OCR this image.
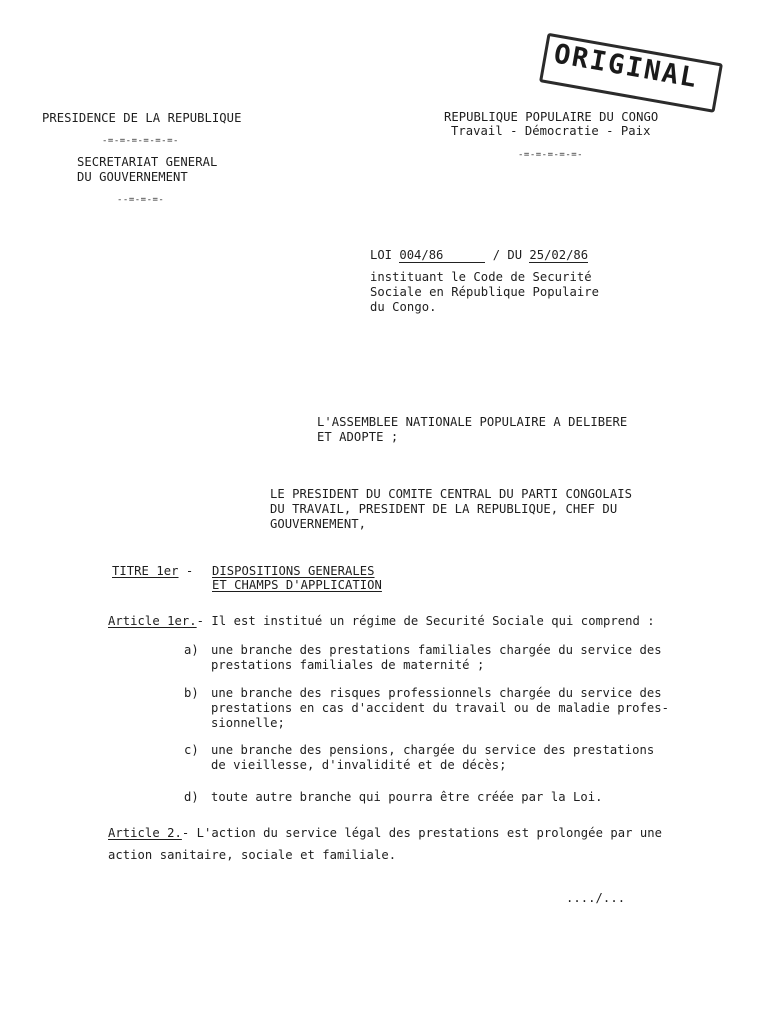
PRESIDENCE DE LA REPUBLIQUE
-=-=-=-=-=-=-
SECRETARIAT GENERAL
DU GOUVERNEMENT
--=-=-=-
REPUBLIQUE POPULAIRE DU CONGO
Travail - Démocratie - Paix
-=-=-=-=-=-
ORIGINAL
LOI 004/86	/ DU 25/02/86
instituant le Code de Securité
Sociale en République Populaire
du Congo.
L'ASSEMBLEE NATIONALE POPULAIRE A DELIBERE
ET ADOPTE ;
LE PRESIDENT DU COMITE CENTRAL DU PARTI CONGOLAIS
DU TRAVAIL, PRESIDENT DE LA REPUBLIQUE, CHEF DU
GOUVERNEMENT,
TITRE 1er - DISPOSITIONS GENERALES
ET CHAMPS D'APPLICATION
Article 1er.- Il est institué un régime de Securité Sociale qui comprend :
a) une branche des prestations familiales chargée du service des
prestations familiales de maternité ;
b) une branche des risques professionnels chargée du service des
prestations en cas d'accident du travail ou de maladie profes-
sionnelle;
c) une branche des pensions, chargée du service des prestations
de vieillesse, d'invalidité et de décès;
d) toute autre branche qui pourra être créée par la Loi.
Article 2.- L'action du service légal des prestations est prolongée par une
action sanitaire, sociale et familiale.
..../...
